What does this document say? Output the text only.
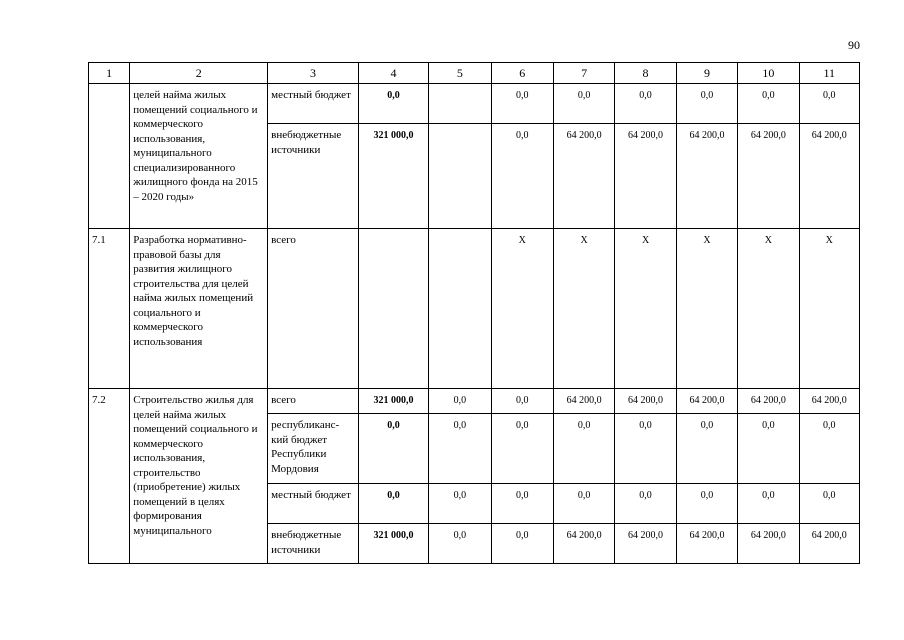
90
1	2	3	4	5	6	7	8	9	10	11
	целей найма жилых помещений социального и коммерческого использования, муниципального специализированного жилищного фонда на 2015 – 2020 годы»	местный бюджет	0,0		0,0	0,0	0,0	0,0	0,0	0,0
		внебюджетные источники	321 000,0		0,0	64 200,0	64 200,0	64 200,0	64 200,0	64 200,0
7.1	Разработка нормативно-правовой базы для развития жилищного строительства для целей найма жилых помещений социального и коммерческого использования	всего			X	X	X	X	X	X
7.2	Строительство жилья для целей найма жилых помещений социального и коммерческого использования, строительство (приобретение) жилых помещений в целях формирования муниципального	всего	321 000,0	0,0	0,0	64 200,0	64 200,0	64 200,0	64 200,0	64 200,0
		республиканс-кий бюджет Республики Мордовия	0,0	0,0	0,0	0,0	0,0	0,0	0,0	0,0
		местный бюджет	0,0	0,0	0,0	0,0	0,0	0,0	0,0	0,0
		внебюджетные источники	321 000,0	0,0	0,0	64 200,0	64 200,0	64 200,0	64 200,0	64 200,0
